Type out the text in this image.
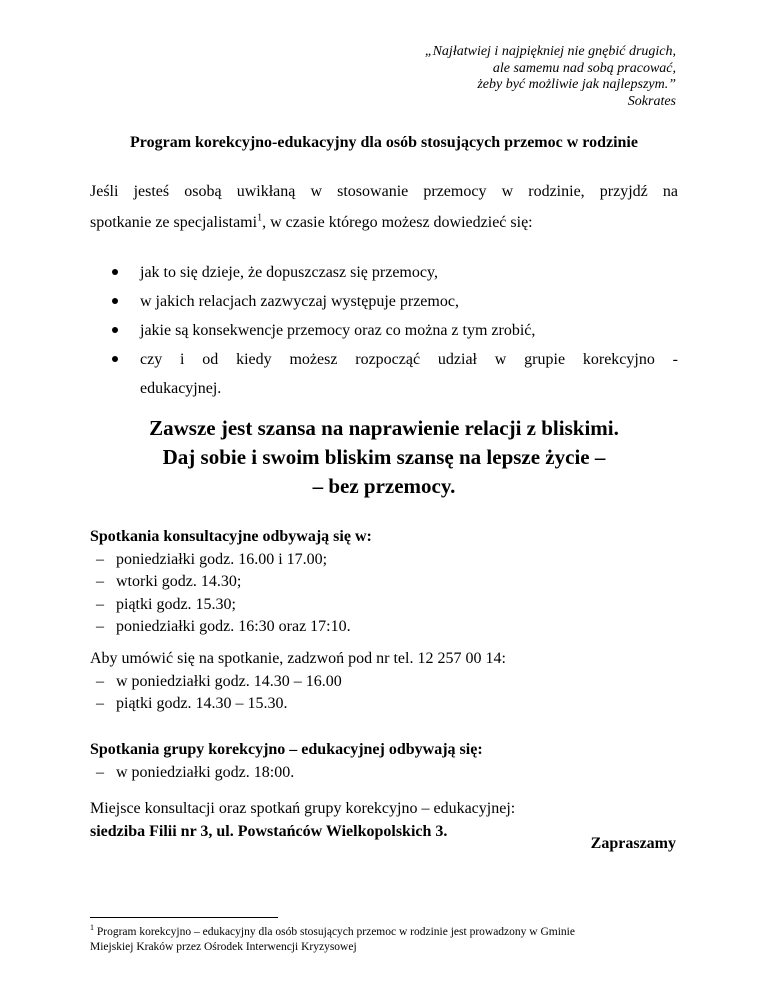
„Najłatwiej i najpiękniej nie gnębić drugich,
ale samemu nad sobą pracować,
żeby być możliwie jak najlepszym.”
Sokrates
Program korekcyjno-edukacyjny dla osób stosujących przemoc w rodzinie
Jeśli jesteś osobą uwikłaną w stosowanie przemocy w rodzinie, przyjdź na
spotkanie ze specjalistami$^1$, w czasie którego możesz dowiedzieć się:
jak to się dzieje, że dopuszczasz się przemocy,
w jakich relacjach zazwyczaj występuje przemoc,
jakie są konsekwencje przemocy oraz co można z tym zrobić,
czy i od kiedy możesz rozpocząć udział w grupie korekcyjno -
edukacyjnej.
Zawsze jest szansa na naprawienie relacji z bliskimi.
Daj sobie i swoim bliskim szansę na lepsze życie –
– bez przemocy.
Spotkania konsultacyjne odbywają się w:
– poniedziałki godz. 16.00 i 17.00;
– wtorki godz. 14.30;
– piątki godz. 15.30;
– poniedziałki godz. 16:30 oraz 17:10.
Aby umówić się na spotkanie, zadzwoń pod nr tel. 12 257 00 14:
– w poniedziałki godz. 14.30 – 16.00
– piątki godz. 14.30 – 15.30.
Spotkania grupy korekcyjno – edukacyjnej odbywają się:
– w poniedziałki godz. 18:00.
Miejsce konsultacji oraz spotkań grupy korekcyjno – edukacyjnej:
siedziba Filii nr 3, ul. Powstańców Wielkopolskich 3.
Zapraszamy
$^1$ Program korekcyjno – edukacyjny dla osób stosujących przemoc w rodzinie jest prowadzony w Gminie
Miejskiej Kraków przez Ośrodek Interwencji Kryzysowej
